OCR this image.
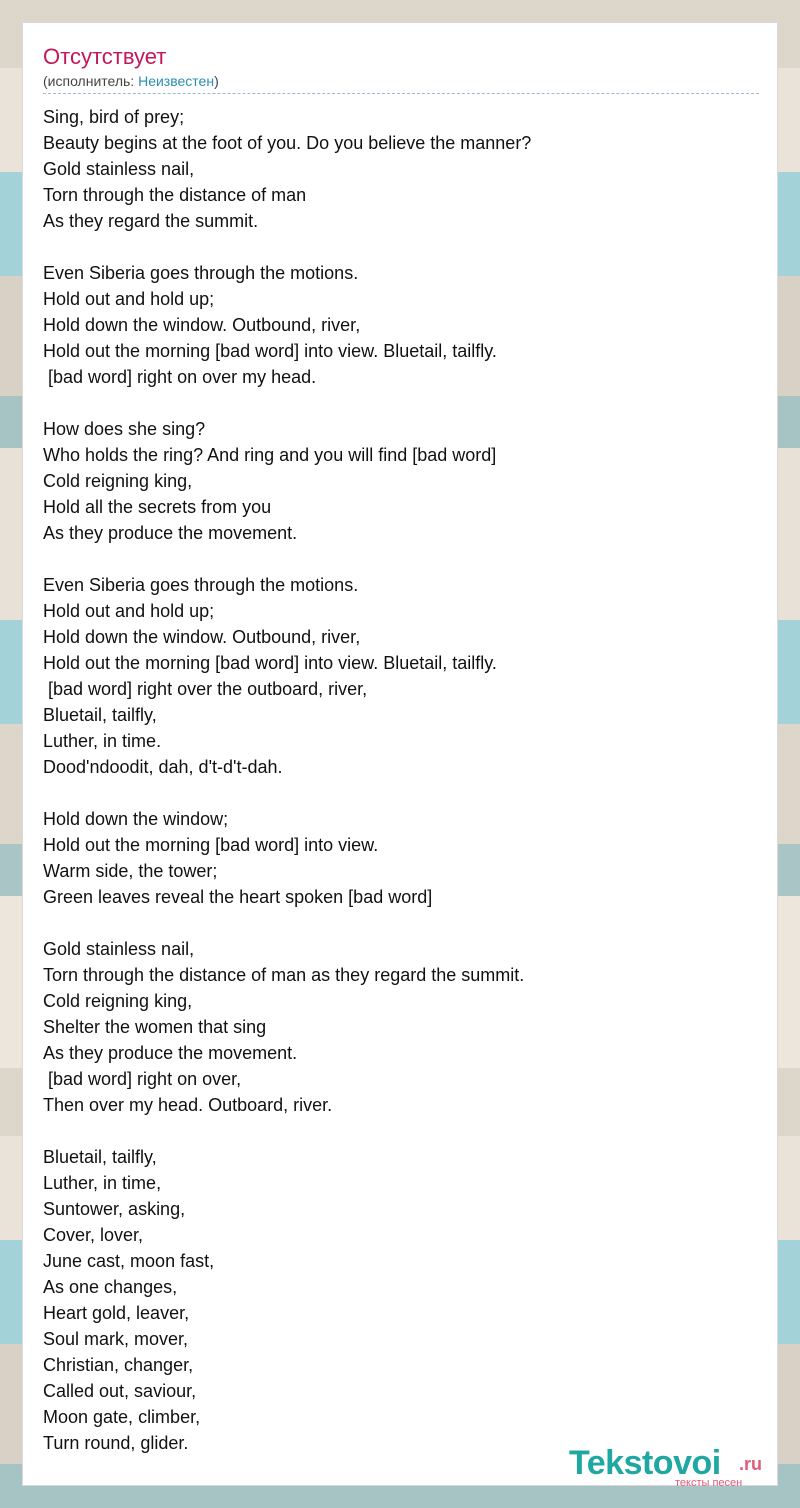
Отсутствует
(исполнитель: Неизвестен)
Sing, bird of prey;
Beauty begins at the foot of you. Do you believe the manner?
Gold stainless nail,
Torn through the distance of man
As they regard the summit.
Even Siberia goes through the motions.
Hold out and hold up;
Hold down the window. Outbound, river,
Hold out the morning [bad word] into view. Bluetail, tailfly.
[bad word] right on over my head.
How does she sing?
Who holds the ring? And ring and you will find [bad word]
Cold reigning king,
Hold all the secrets from you
As they produce the movement.
Even Siberia goes through the motions.
Hold out and hold up;
Hold down the window. Outbound, river,
Hold out the morning [bad word] into view. Bluetail, tailfly.
[bad word] right over the outboard, river,
Bluetail, tailfly,
Luther, in time.
Dood'ndoodit, dah, d't-d't-dah.
Hold down the window;
Hold out the morning [bad word] into view.
Warm side, the tower;
Green leaves reveal the heart spoken [bad word]
Gold stainless nail,
Torn through the distance of man as they regard the summit.
Cold reigning king,
Shelter the women that sing
As they produce the movement.
[bad word] right on over,
Then over my head. Outboard, river.
Bluetail, tailfly,
Luther, in time,
Suntower, asking,
Cover, lover,
June cast, moon fast,
As one changes,
Heart gold, leaver,
Soul mark, mover,
Christian, changer,
Called out, saviour,
Moon gate, climber,
Turn round, glider.
Tekstovoi .ru
тексты песен
